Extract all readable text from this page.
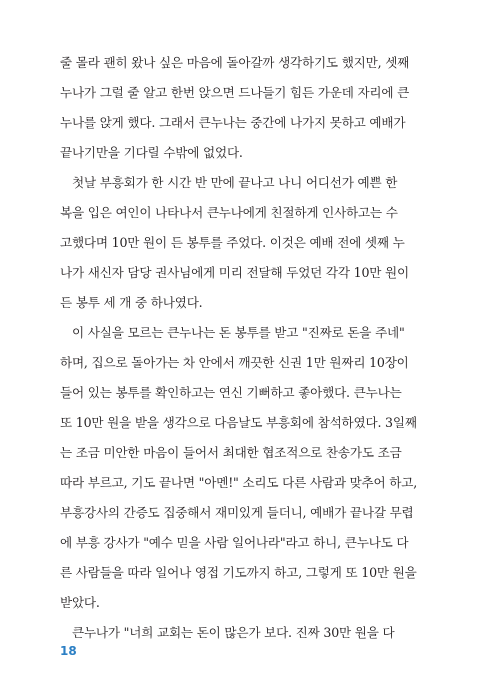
줄 몰라 괜히 왔나 싶은 마음에 돌아갈까 생각하기도 했지만, 셋째
누나가 그럴 줄 알고 한번 앉으면 드나들기 힘든 가운데 자리에 큰
누나를 앉게 했다. 그래서 큰누나는 중간에 나가지 못하고 예배가
끝나기만을 기다릴 수밖에 없었다.
첫날 부흥회가 한 시간 반 만에 끝나고 나니 어디선가 예쁜 한
복을 입은 여인이 나타나서 큰누나에게 친절하게 인사하고는 수
고했다며 10만 원이 든 봉투를 주었다. 이것은 예배 전에 셋째 누
나가 새신자 담당 권사님에게 미리 전달해 두었던 각각 10만 원이
든 봉투 세 개 중 하나였다.
이 사실을 모르는 큰누나는 돈 봉투를 받고 "진짜로 돈을 주네"
하며, 집으로 돌아가는 차 안에서 깨끗한 신권 1만 원짜리 10장이
들어 있는 봉투를 확인하고는 연신 기뻐하고 좋아했다. 큰누나는
또 10만 원을 받을 생각으로 다음날도 부흥회에 참석하였다. 3일째
는 조금 미안한 마음이 들어서 최대한 협조적으로 찬송가도 조금
따라 부르고, 기도 끝나면 "아멘!" 소리도 다른 사람과 맞추어 하고,
부흥강사의 간증도 집중해서 재미있게 들더니, 예배가 끝나갈 무렵
에 부흥 강사가 "예수 믿을 사람 일어나라"라고 하니, 큰누나도 다
른 사람들을 따라 일어나 영접 기도까지 하고, 그렇게 또 10만 원을
받았다.
큰누나가 "너희 교회는 돈이 많은가 보다. 진짜 30만 원을 다
18
